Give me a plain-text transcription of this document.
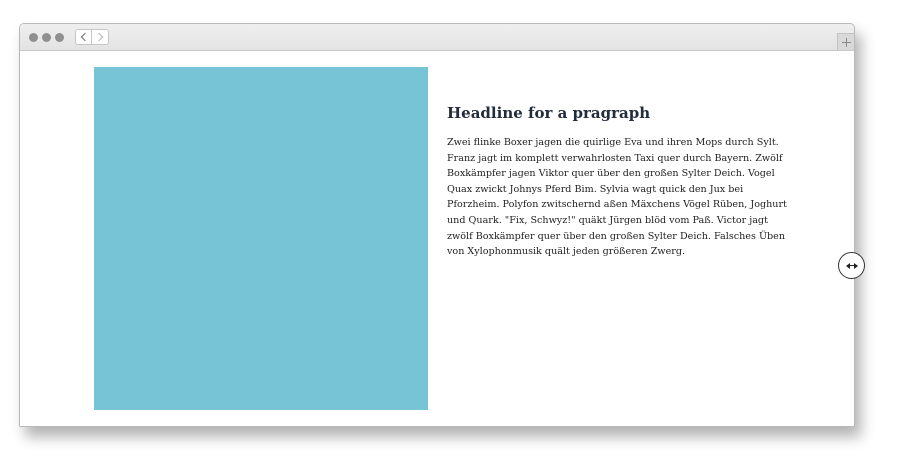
Headline for a pragraph

Zwei flinke Boxer jagen die quirlige Eva und ihren Mops durch Sylt. Franz jagt im komplett verwahrlosten Taxi quer durch Bayern. Zwölf Boxkämpfer jagen Viktor quer über den großen Sylter Deich. Vogel Quax zwickt Johnys Pferd Bim. Sylvia wagt quick den Jux bei Pforzheim. Polyfon zwitschernd aßen Mäxchens Vögel Rüben, Joghurt und Quark. "Fix, Schwyz!" quäkt Jürgen blöd vom Paß. Victor jagt zwölf Boxkämpfer quer über den großen Sylter Deich. Falsches Üben von Xylophonmusik quält jeden größeren Zwerg.
